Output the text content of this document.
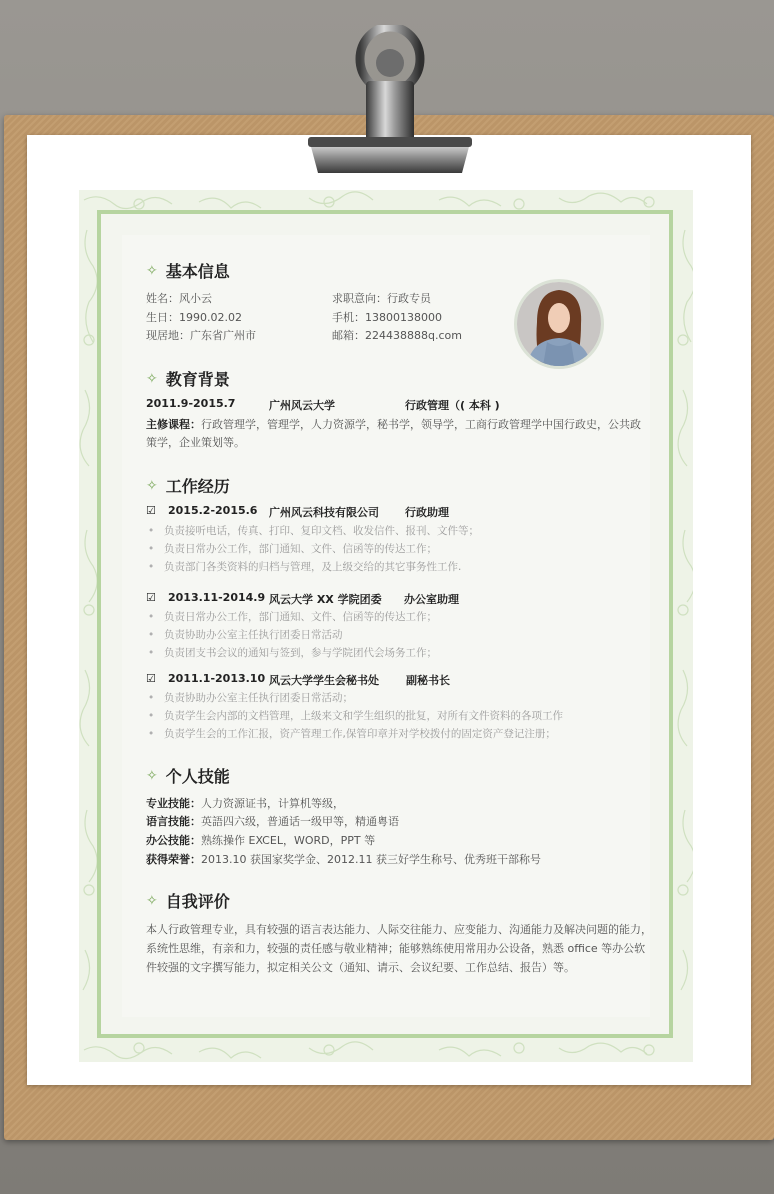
✧ 基本信息
姓名：风小云
生日：1990.02.02
现居地：广东省广州市
求职意向：行政专员
手机：13800138000
邮箱：224438888q.com
✧ 教育背景
2011.9-2015.7	广州风云大学	行政管理（( 本科 )
主修课程：行政管理学，管理学，人力资源学，秘书学，领导学，工商行政管理学中国行政史，公共政
策学，企业策划等。
✧ 工作经历
☑ 2015.2-2015.6 广州风云科技有限公司 行政助理
• 负责接听电话，传真、打印、复印文档、收发信件、报刊、文件等；
• 负责日常办公工作，部门通知、文件、信函等的传达工作；
• 负责部门各类资料的归档与管理，及上级交给的其它事务性工作.
☑ 2013.11-2014.9 风云大学 XX 学院团委 办公室助理
• 负责日常办公工作，部门通知、文件、信函等的传达工作；
• 负责协助办公室主任执行团委日常活动
• 负责团支书会议的通知与签到，参与学院团代会场务工作；
☑ 2011.1-2013.10 风云大学学生会秘书处 副秘书长
• 负责协助办公室主任执行团委日常活动；
• 负责学生会内部的文档管理，上级来文和学生组织的批复，对所有文件资料的各项工作
• 负责学生会的工作汇报，资产管理工作,保管印章并对学校拨付的固定资产登记注册；
✧ 个人技能
专业技能：人力资源证书，计算机等级，
语言技能：英語四六级，普通话一级甲等，精通粤语
办公技能：熟练操作 EXCEL，WORD，PPT 等
获得荣誉：2013.10 获国家奖学金、2012.11 获三好学生称号、优秀班干部称号
✧ 自我评价
本人行政管理专业，具有较强的语言表达能力、人际交往能力、应变能力、沟通能力及解决问题的能力，
系统性思维，有亲和力，较强的责任感与敬业精神；能够熟练使用常用办公设备，熟悉 office 等办公软
件较强的文字撰写能力，拟定相关公文（通知、请示、会议纪要、工作总结、报告）等。
